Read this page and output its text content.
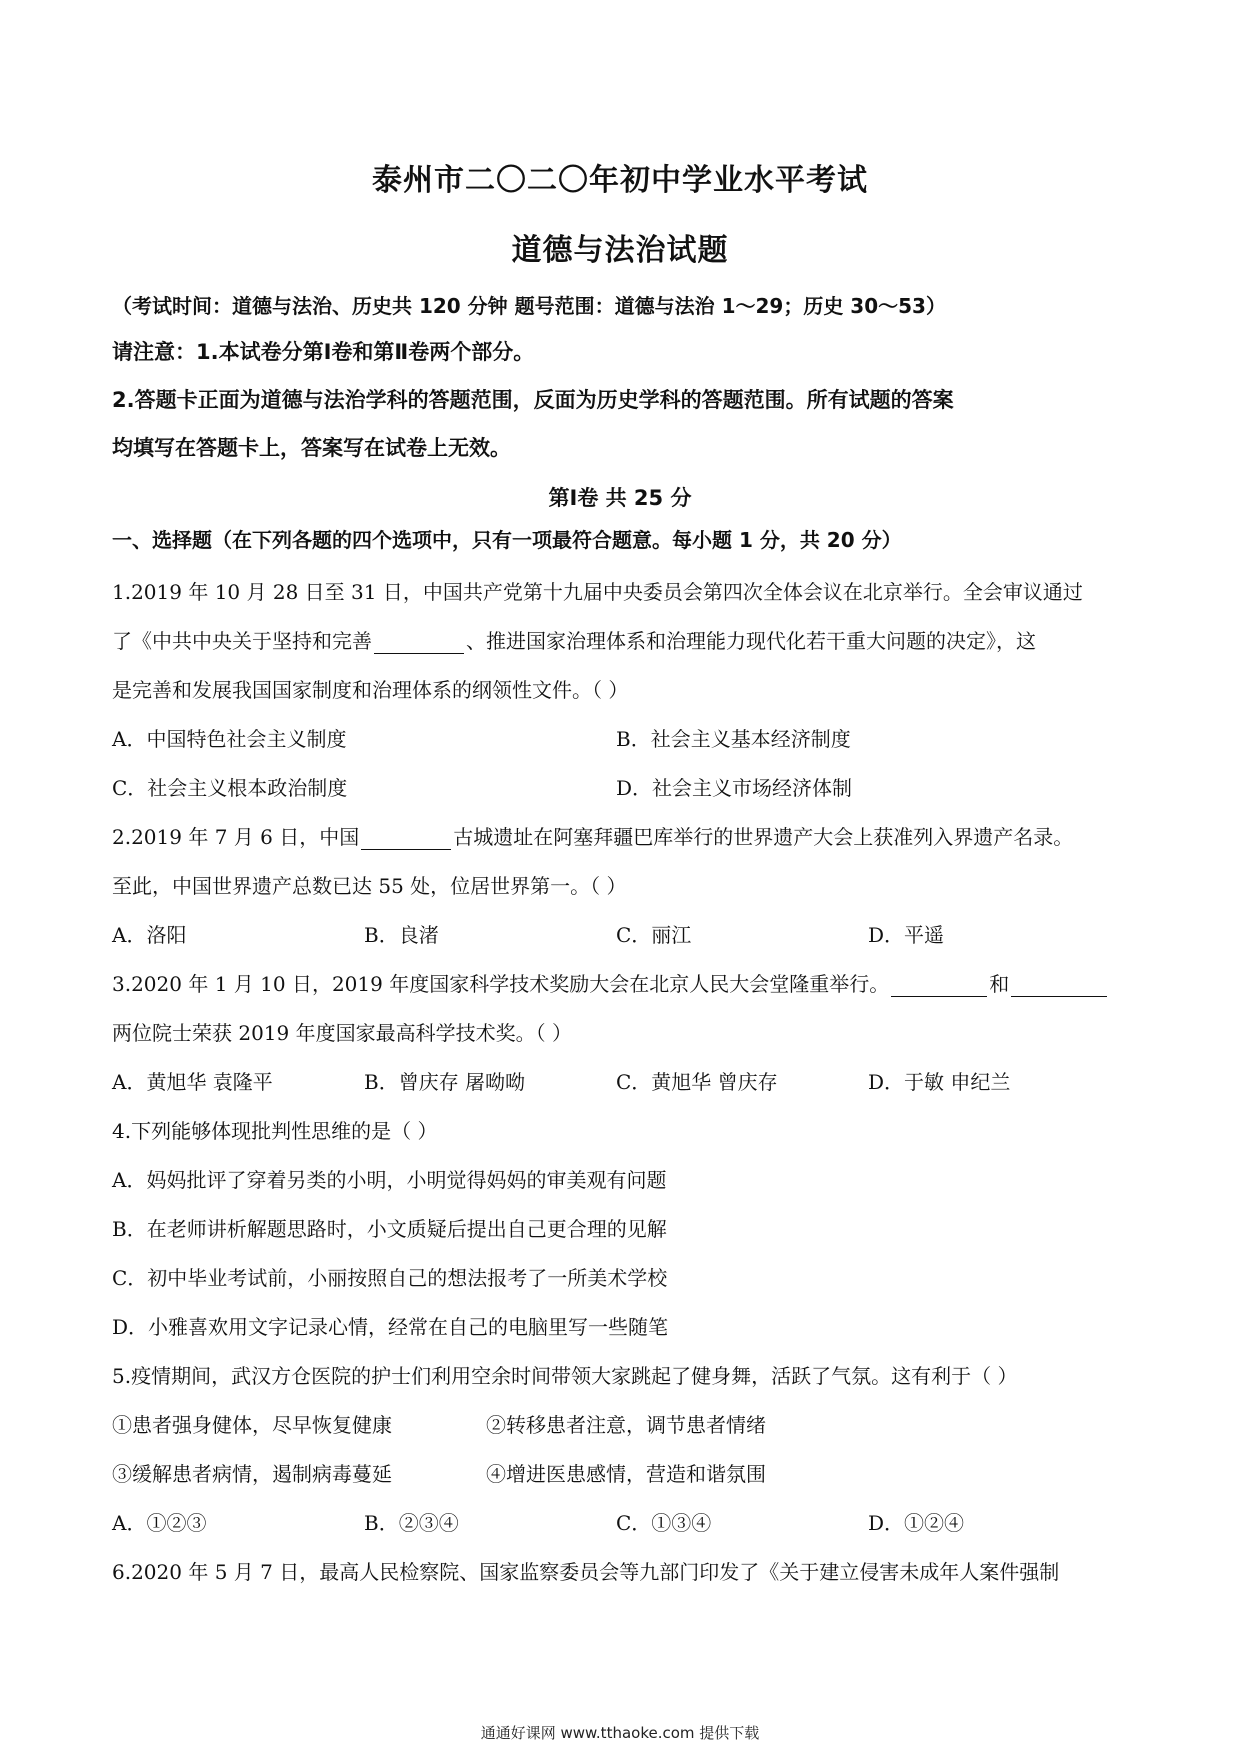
泰州市二〇二〇年初中学业水平考试
道德与法治试题
（考试时间：道德与法治、历史共 120 分钟 题号范围：道德与法治 1～29；历史 30～53）
请注意：1.本试卷分第Ⅰ卷和第Ⅱ卷两个部分。
2.答题卡正面为道德与法治学科的答题范围，反面为历史学科的答题范围。所有试题的答案
均填写在答题卡上，答案写在试卷上无效。
第Ⅰ卷 共 25 分
一、选择题（在下列各题的四个选项中，只有一项最符合题意。每小题 1 分，共 20 分）
1.2019 年 10 月 28 日至 31 日，中国共产党第十九届中央委员会第四次全体会议在北京举行。全会审议通过
了《中共中央关于坚持和完善	、推进国家治理体系和治理能力现代化若干重大问题的决定》，这
是完善和发展我国国家制度和治理体系的纲领性文件。（ ）
A．中国特色社会主义制度	B．社会主义基本经济制度
C．社会主义根本政治制度	D．社会主义市场经济体制
2.2019 年 7 月 6 日，中国	古城遗址在阿塞拜疆巴库举行的世界遗产大会上获准列入界遗产名录。
至此，中国世界遗产总数已达 55 处，位居世界第一。（ ）
A．洛阳	B．良渚	C．丽江	D．平遥
3.2020 年 1 月 10 日，2019 年度国家科学技术奖励大会在北京人民大会堂隆重举行。	和
两位院士荣获 2019 年度国家最高科学技术奖。（ ）
A．黄旭华 袁隆平	B．曾庆存 屠呦呦	C．黄旭华 曾庆存	D．于敏 申纪兰
4.下列能够体现批判性思维的是（ ）
A．妈妈批评了穿着另类的小明，小明觉得妈妈的审美观有问题
B．在老师讲析解题思路时，小文质疑后提出自己更合理的见解
C．初中毕业考试前，小丽按照自己的想法报考了一所美术学校
D．小雅喜欢用文字记录心情，经常在自己的电脑里写一些随笔
5.疫情期间，武汉方仓医院的护士们利用空余时间带领大家跳起了健身舞，活跃了气氛。这有利于（ ）
①患者强身健体，尽早恢复健康	②转移患者注意，调节患者情绪
③缓解患者病情，遏制病毒蔓延	④增进医患感情，营造和谐氛围
A．①②③	B．②③④	C．①③④	D．①②④
6.2020 年 5 月 7 日，最高人民检察院、国家监察委员会等九部门印发了《关于建立侵害未成年人案件强制
通通好课网 www.tthaoke.com 提供下载
